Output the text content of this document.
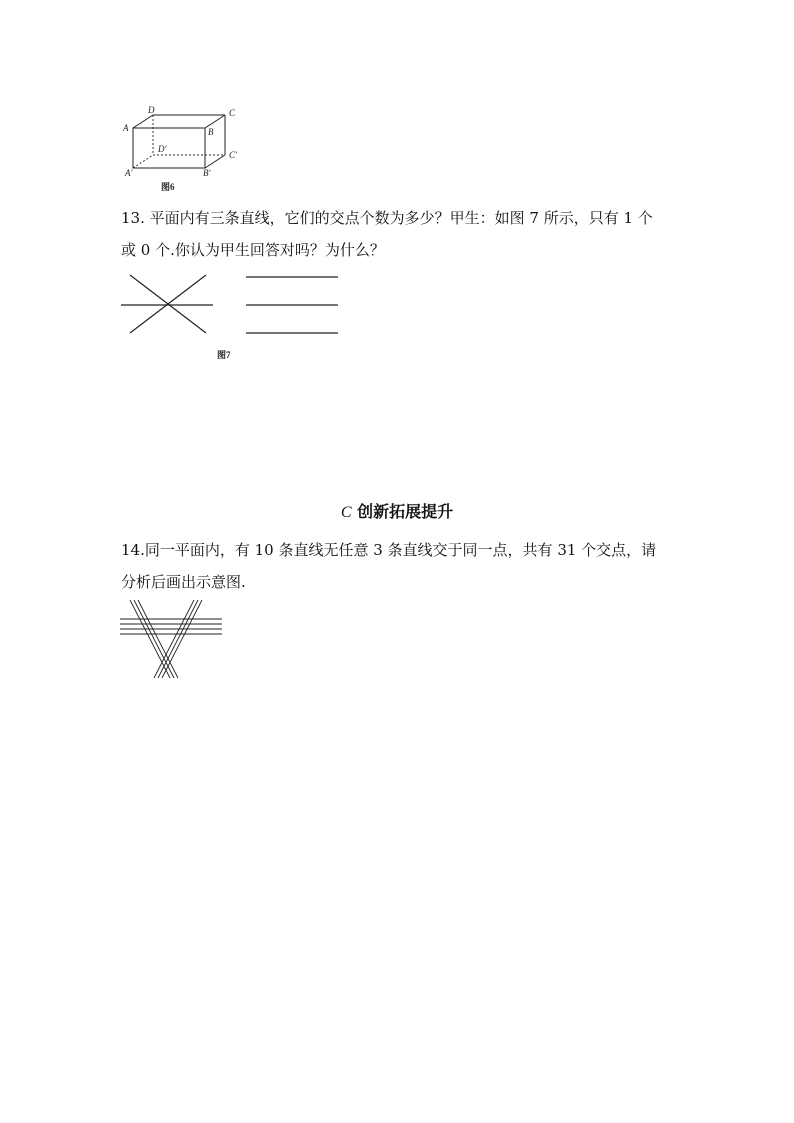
A
D	C
B
D'
C'
A'	B'
图6

13. 平面内有三条直线，它们的交点个数为多少？甲生：如图 7 所示，只有 1 个

或 0 个.你认为甲生回答对吗？为什么？

图7
C 创新拓展提升

14.同一平面内，有 10 条直线无任意 3 条直线交于同一点，共有 31 个交点，请

分析后画出示意图.
